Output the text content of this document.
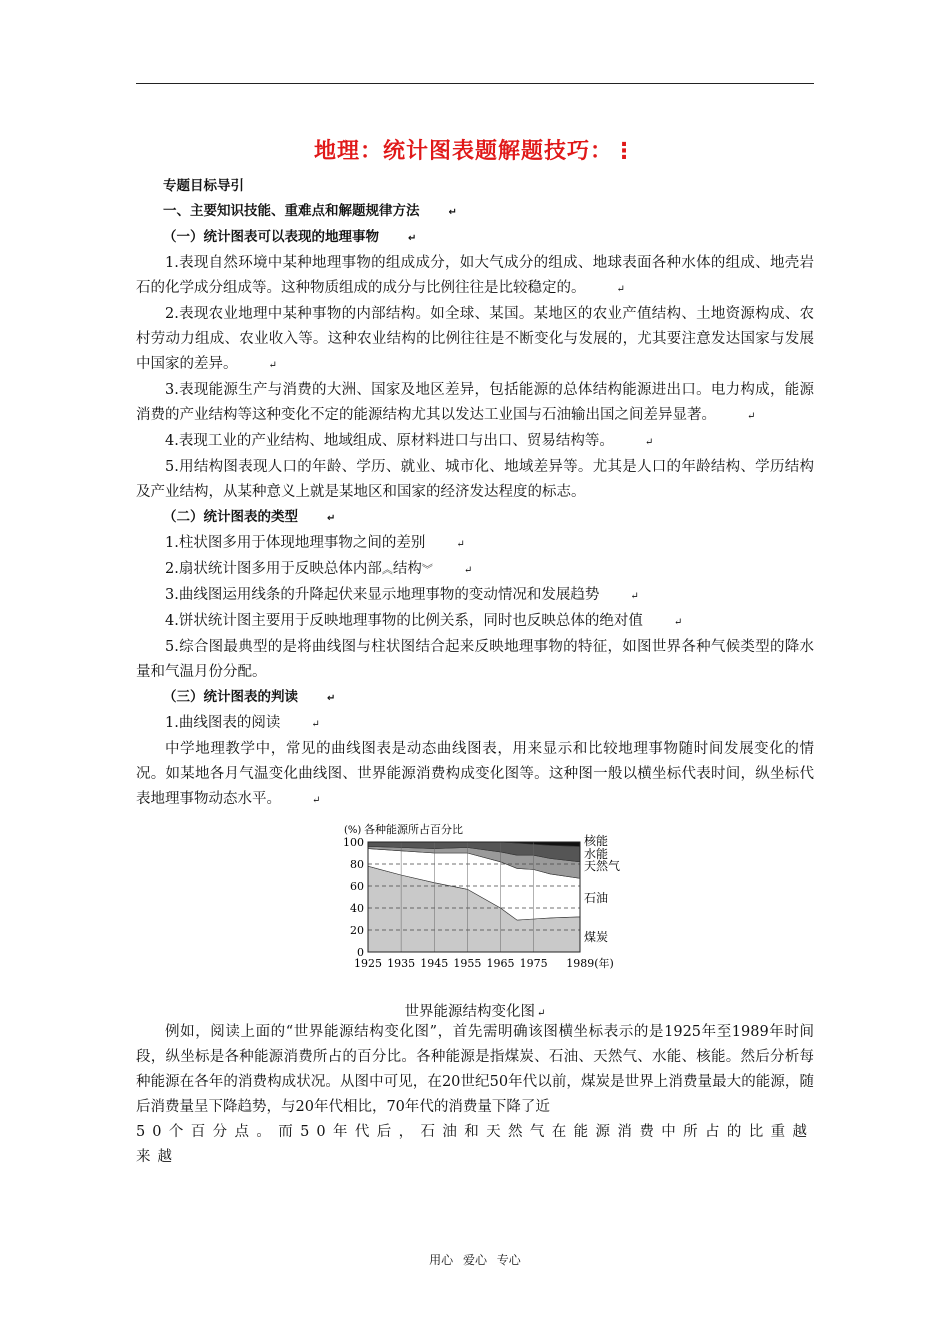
地理：统计图表题解题技巧：⋮

专题目标导引

一、主要知识技能、重难点和解题规律方法	↵

（一）统计图表可以表现的地理事物	↵

1.表现自然环境中某种地理事物的组成成分，如大气成分的组成、地球表面各种水体的组成、地壳岩石的化学成分组成等。这种物质组成的成分与比例往往是比较稳定的。	↵

2.表现农业地理中某种事物的内部结构。如全球、某国。某地区的农业产值结构、土地资源构成、农村劳动力组成、农业收入等。这种农业结构的比例往往是不断变化与发展的，尤其要注意发达国家与发展中国家的差异。	↵

3.表现能源生产与消费的大洲、国家及地区差异，包括能源的总体结构能源进出口。电力构成，能源消费的产业结构等这种变化不定的能源结构尤其以发达工业国与石油输出国之间差异显著。	↵

4.表现工业的产业结构、地域组成、原材料进口与出口、贸易结构等。	↵

5.用结构图表现人口的年龄、学历、就业、城市化、地域差异等。尤其是人口的年龄结构、学历结构及产业结构，从某种意义上就是某地区和国家的经济发达程度的标志。

（二）统计图表的类型	↵

1.柱状图多用于体现地理事物之间的差别	↵

2.扇状统计图多用于反映总体内部︽结构︾	↵

3.曲线图运用线条的升降起伏来显示地理事物的变动情况和发展趋势	↵

4.饼状统计图主要用于反映地理事物的比例关系，同时也反映总体的绝对值	↵

5.综合图最典型的是将曲线图与柱状图结合起来反映地理事物的特征，如图世界各种气候类型的降水量和气温月份分配。

（三）统计图表的判读	↵

1.曲线图表的阅读	↵

中学地理教学中，常见的曲线图表是动态曲线图表，用来显示和比较地理事物随时间发展变化的情况。如某地各月气温变化曲线图、世界能源消费构成变化图等。这种图一般以横坐标代表时间，纵坐标代表地理事物动态水平。	↵

0
20
40
60
80
100
1925 1935 1945 1955 1965 1975 1989(年)
(%) 各种能源所占百分比
煤炭
石油
天然气
水能
核能
世界能源结构变化图 ↵

例如，阅读上面的“世界能源结构变化图”，首先需明确该图横坐标表示的是1925年至1989年时间段，纵坐标是各种能源消费所占的百分比。各种能源是指煤炭、石油、天然气、水能、核能。然后分析每种能源在各年的消费构成状况。从图中可见，在20世纪50年代以前，煤炭是世界上消费量最大的能源，随后消费量呈下降趋势，与20年代相比，70年代的消费量下降了近

50个百分点。而50年代后，石油和天然气在能源消费中所占的比重越来越

用心 爱心 专心
